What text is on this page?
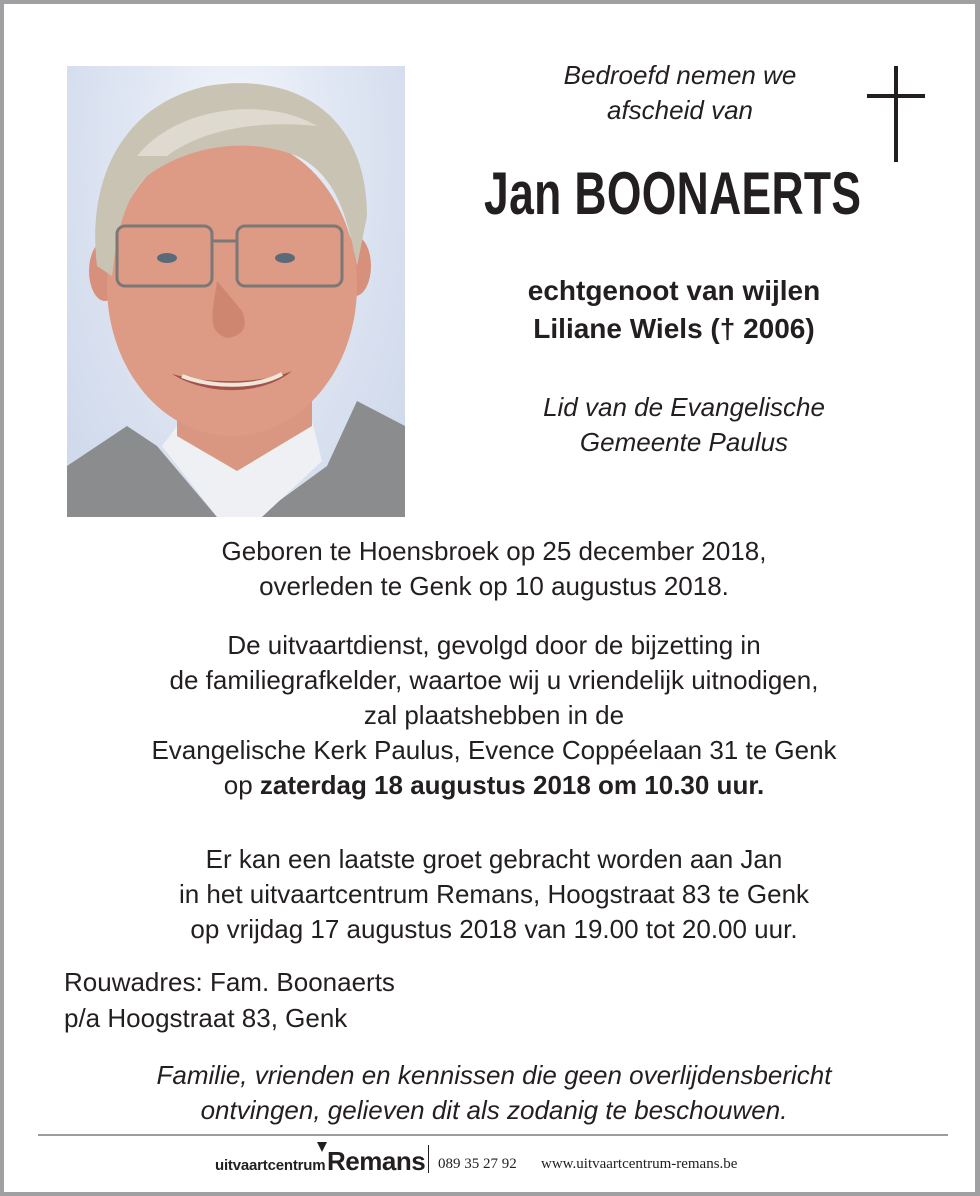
Bedroefd nemen we
afscheid van
Jan BOONAERTS
echtgenoot van wijlen
Liliane Wiels († 2006)
Lid van de Evangelische
Gemeente Paulus
Geboren te Hoensbroek op 25 december 2018,
overleden te Genk op 10 augustus 2018.
De uitvaartdienst, gevolgd door de bijzetting in
de familiegrafkelder, waartoe wij u vriendelijk uitnodigen,
zal plaatshebben in de
Evangelische Kerk Paulus, Evence Coppéelaan 31 te Genk
op zaterdag 18 augustus 2018 om 10.30 uur.
Er kan een laatste groet gebracht worden aan Jan
in het uitvaartcentrum Remans, Hoogstraat 83 te Genk
op vrijdag 17 augustus 2018 van 19.00 tot 20.00 uur.
Rouwadres: Fam. Boonaerts
p/a Hoogstraat 83, Genk
Familie, vrienden en kennissen die geen overlijdensbericht
ontvingen, gelieven dit als zodanig te beschouwen.
uitvaartcentrum Remans 089 35 27 92 www.uitvaartcentrum-remans.be
